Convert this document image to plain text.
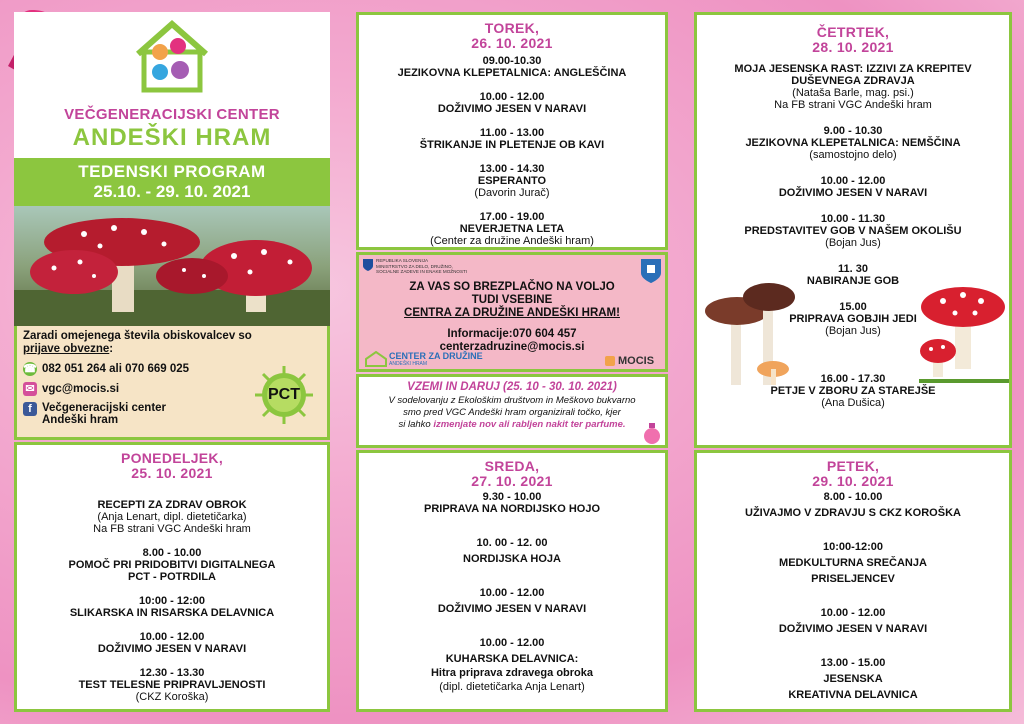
VEČGENERACIJSKI CENTER
ANDEŠKI HRAM
TEDENSKI PROGRAM
25.10. - 29. 10. 2021
Zaradi omejenega števila obiskovalcev so
prijave obvezne:
☎ 082 051 264 ali 070 669 025
✉ vgc@mocis.si
f Večgeneracijski center
Andeški hram
PCT
PONEDELJEK,
25. 10. 2021
RECEPTI ZA ZDRAV OBROK
(Anja Lenart, dipl. dietetičarka)
Na FB strani VGC Andeški hram
8.00 - 10.00
POMOČ PRI PRIDOBITVI DIGITALNEGA
PCT - POTRDILA
10:00 - 12:00
SLIKARSKA IN RISARSKA DELAVNICA
10.00 - 12.00
DOŽIVIMO JESEN V NARAVI
12.30 - 13.30
TEST TELESNE PRIPRAVLJENOSTI
(CKZ Koroška)
TOREK,
26. 10. 2021
09.00-10.30
JEZIKOVNA KLEPETALNICA: ANGLEŠČINA
10.00 - 12.00
DOŽIVIMO JESEN V NARAVI
11.00 - 13.00
ŠTRIKANJE IN PLETENJE OB KAVI
13.00 - 14.30
ESPERANTO
(Davorin Jurač)
17.00 - 19.00
NEVERJETNA LETA
(Center za družine Andeški hram)
REPUBLIKA SLOVENIJA
MINISTRSTVO ZA DELO, DRUŽINO,
SOCIALNE ZADEVE IN ENAKE MOŽNOSTI
ZA VAS SO BREZPLAČNO NA VOLJO
TUDI VSEBINE
CENTRA ZA DRUŽINE ANDEŠKI HRAM!
Informacije:070 604 457
centerzadruzine@mocis.si
CENTER ZA DRUŽINE
ANDEŠKI HRAM	MOCIS
VZEMI IN DARUJ (25. 10 - 30. 10. 2021)
V sodelovanju z Ekološkim društvom in Meškovo bukvarno
smo pred VGC Andeški hram organizirali točko, kjer
si lahko izmenjate nov ali rabljen nakit ter parfume.
SREDA,
27. 10. 2021
9.30 - 10.00
PRIPRAVA NA NORDIJSKO HOJO
10. 00 - 12. 00
NORDIJSKA HOJA
10.00 - 12.00
DOŽIVIMO JESEN V NARAVI
10.00 - 12.00
KUHARSKA DELAVNICA:
Hitra priprava zdravega obroka
(dipl. dietetičarka Anja Lenart)
ČETRTEK,
28. 10. 2021
MOJA JESENSKA RAST: IZZIVI ZA KREPITEV
DUŠEVNEGA ZDRAVJA
(Nataša Barle, mag. psi.)
Na FB strani VGC Andeški hram
9.00 - 10.30
JEZIKOVNA KLEPETALNICA: NEMŠČINA
(samostojno delo)
10.00 - 12.00
DOŽIVIMO JESEN V NARAVI
10.00 - 11.30
PREDSTAVITEV GOB V NAŠEM OKOLIŠU
(Bojan Jus)
11. 30
NABIRANJE GOB
15.00
PRIPRAVA GOBJIH JEDI
(Bojan Jus)
16.00 - 17.30
PETJE V ZBORU ZA STAREJŠE
(Ana Dušica)
PETEK,
29. 10. 2021
8.00 - 10.00
UŽIVAJMO V ZDRAVJU S CKZ KOROŠKA
10:00-12:00
MEDKULTURNA SREČANJA
PRISELJENCEV
10.00 - 12.00
DOŽIVIMO JESEN V NARAVI
13.00 - 15.00
JESENSKA
KREATIVNA DELAVNICA
